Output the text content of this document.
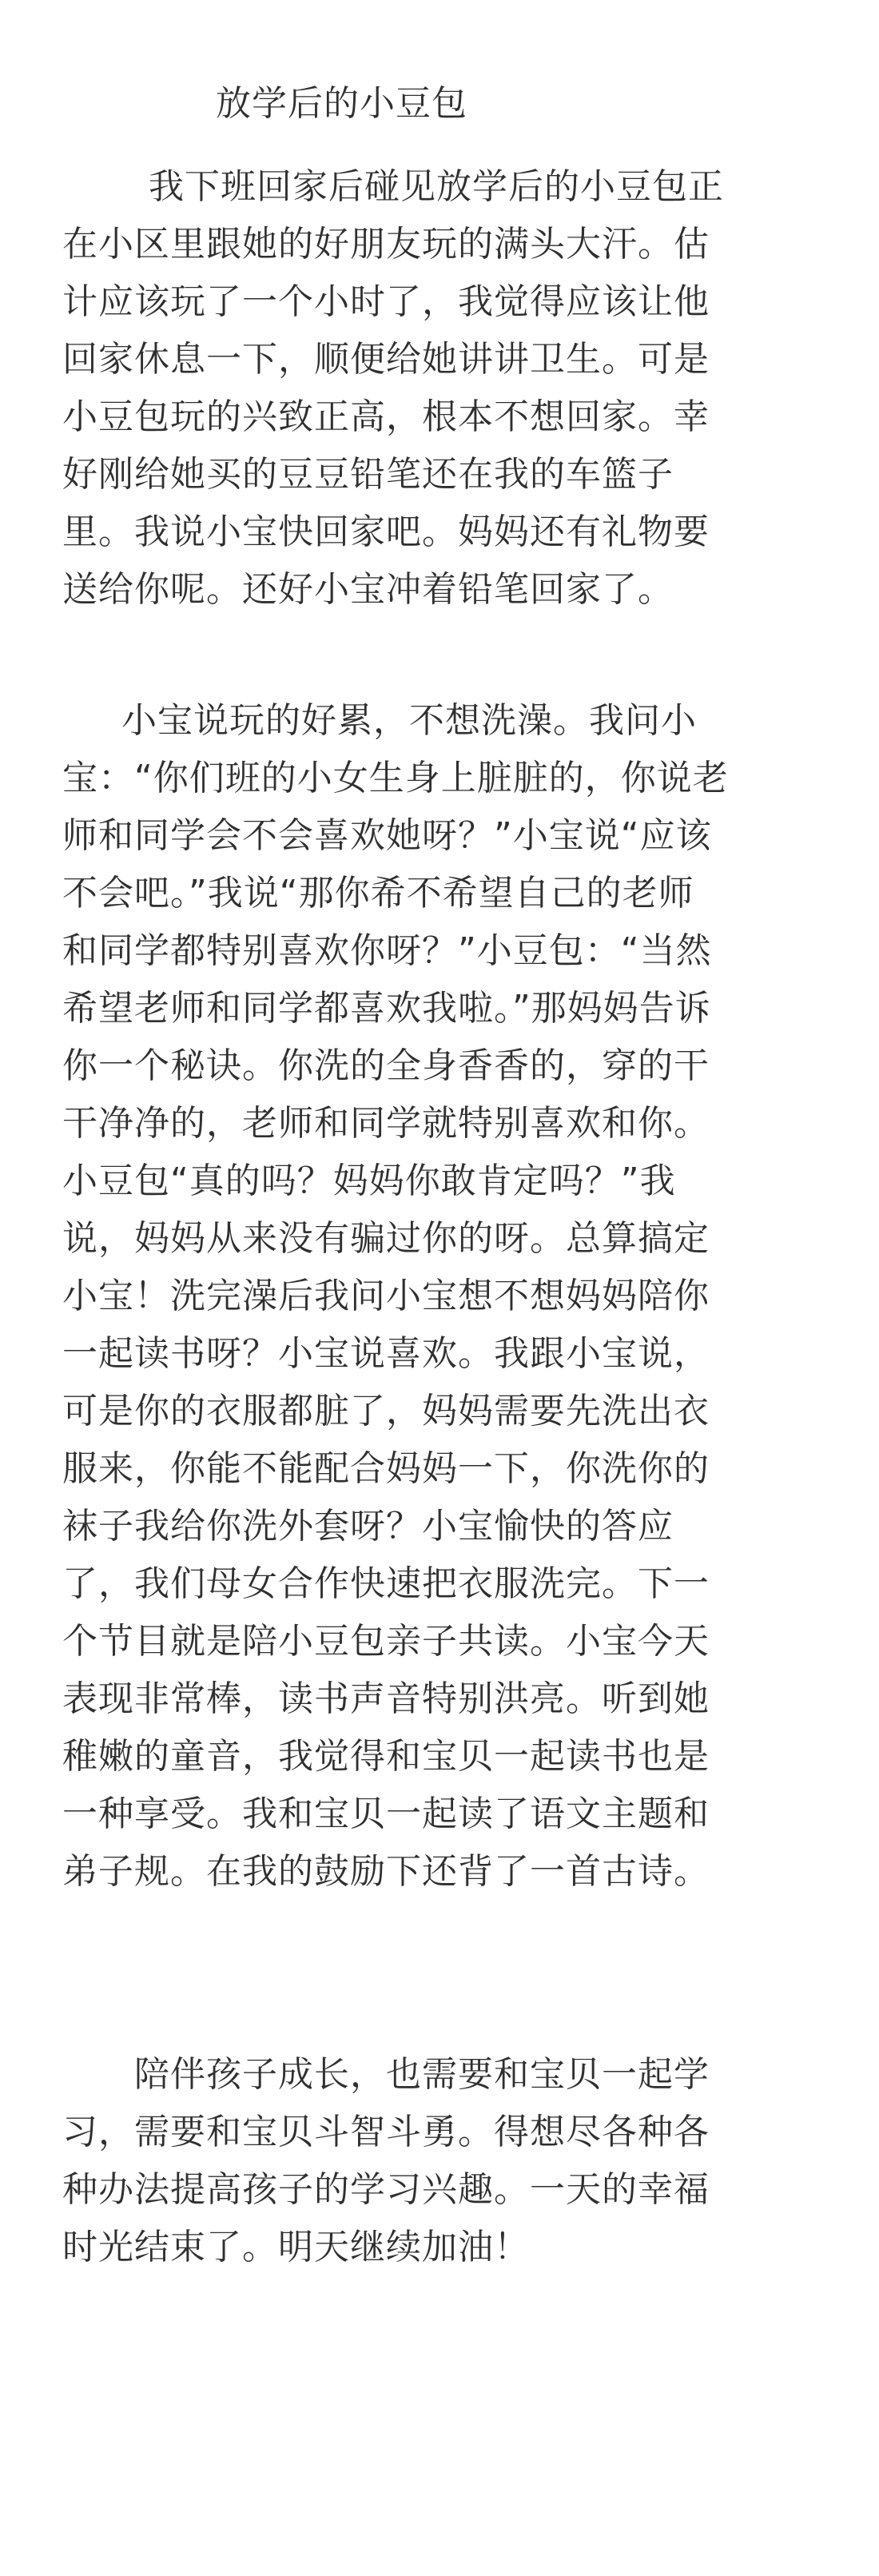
放学后的小豆包
我下班回家后碰见放学后的小豆包正
在小区里跟她的好朋友玩的满头大汗。估
计应该玩了一个小时了，我觉得应该让他
回家休息一下，顺便给她讲讲卫生。可是
小豆包玩的兴致正高，根本不想回家。幸
好刚给她买的豆豆铅笔还在我的车篮子
里。我说小宝快回家吧。妈妈还有礼物要
送给你呢。还好小宝冲着铅笔回家了。
小宝说玩的好累，不想洗澡。我问小
宝：“你们班的小女生身上脏脏的，你说老
师和同学会不会喜欢她呀？”小宝说“应该
不会吧。”我说“那你希不希望自己的老师
和同学都特别喜欢你呀？”小豆包：“当然
希望老师和同学都喜欢我啦。”那妈妈告诉
你一个秘诀。你洗的全身香香的，穿的干
干净净的，老师和同学就特别喜欢和你。
小豆包“真的吗？妈妈你敢肯定吗？”我
说，妈妈从来没有骗过你的呀。总算搞定
小宝！洗完澡后我问小宝想不想妈妈陪你
一起读书呀？小宝说喜欢。我跟小宝说，
可是你的衣服都脏了，妈妈需要先洗出衣
服来，你能不能配合妈妈一下，你洗你的
袜子我给你洗外套呀？小宝愉快的答应
了，我们母女合作快速把衣服洗完。下一
个节目就是陪小豆包亲子共读。小宝今天
表现非常棒，读书声音特别洪亮。听到她
稚嫩的童音，我觉得和宝贝一起读书也是
一种享受。我和宝贝一起读了语文主题和
弟子规。在我的鼓励下还背了一首古诗。
陪伴孩子成长，也需要和宝贝一起学
习，需要和宝贝斗智斗勇。得想尽各种各
种办法提高孩子的学习兴趣。一天的幸福
时光结束了。明天继续加油！
